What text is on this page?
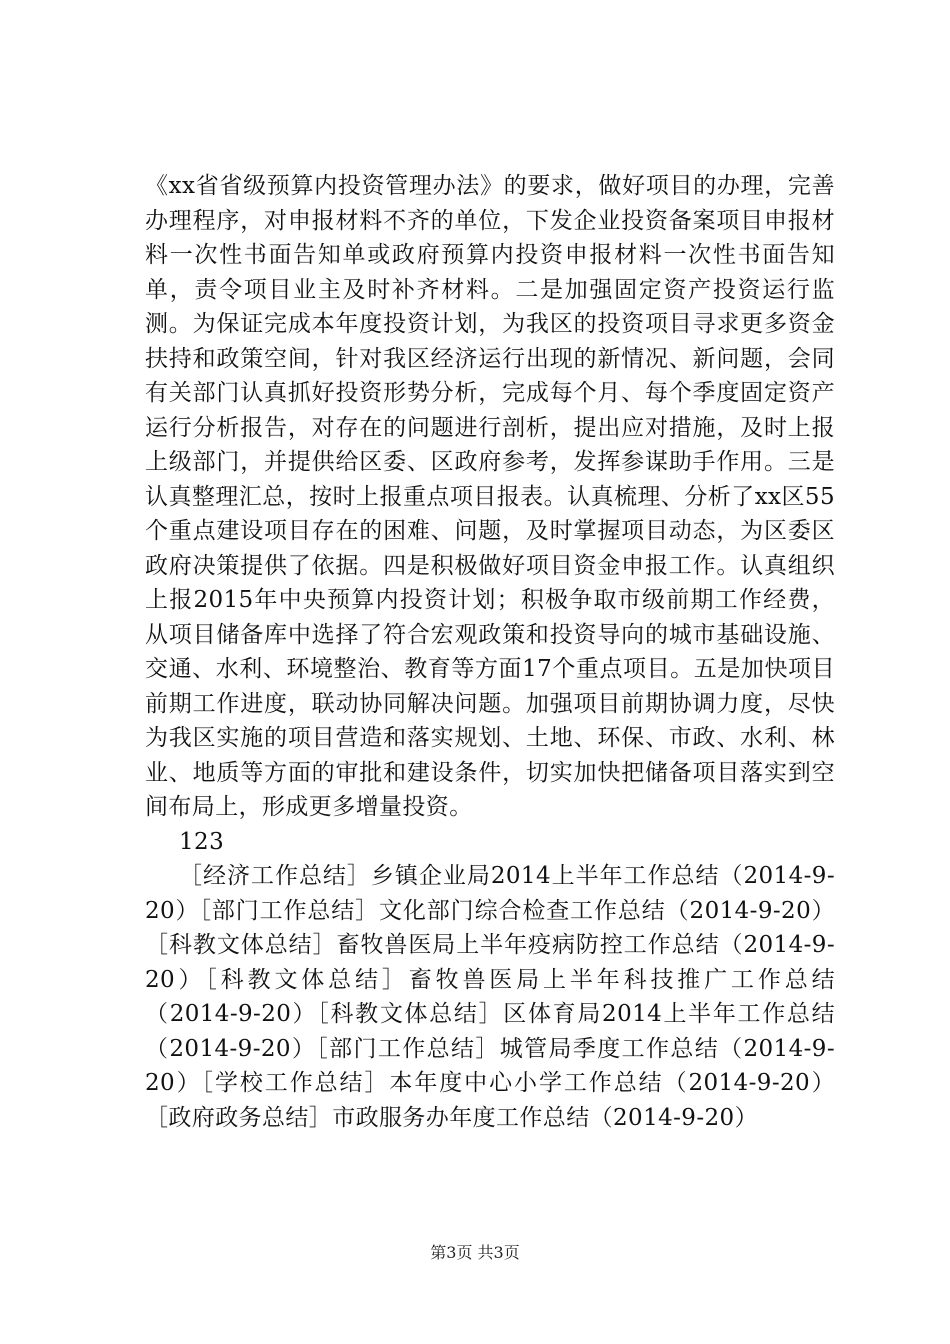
《xx省省级预算内投资管理办法》的要求，做好项目的办理，完善办理程序，对申报材料不齐的单位，下发企业投资备案项目申报材料一次性书面告知单或政府预算内投资申报材料一次性书面告知单，责令项目业主及时补齐材料。二是加强固定资产投资运行监测。为保证完成本年度投资计划，为我区的投资项目寻求更多资金扶持和政策空间，针对我区经济运行出现的新情况、新问题，会同有关部门认真抓好投资形势分析，完成每个月、每个季度固定资产运行分析报告，对存在的问题进行剖析，提出应对措施，及时上报上级部门，并提供给区委、区政府参考，发挥参谋助手作用。三是认真整理汇总，按时上报重点项目报表。认真梳理、分析了xx区55个重点建设项目存在的困难、问题，及时掌握项目动态，为区委区政府决策提供了依据。四是积极做好项目资金申报工作。认真组织上报2015年中央预算内投资计划；积极争取市级前期工作经费，从项目储备库中选择了符合宏观政策和投资导向的城市基础设施、交通、水利、环境整治、教育等方面17个重点项目。五是加快项目前期工作进度，联动协同解决问题。加强项目前期协调力度，尽快为我区实施的项目营造和落实规划、土地、环保、市政、水利、林业、地质等方面的审批和建设条件，切实加快把储备项目落实到空间布局上，形成更多增量投资。

123

［经济工作总结］乡镇企业局2014上半年工作总结（2014-9-20）［部门工作总结］文化部门综合检查工作总结（2014-9-20）［科教文体总结］畜牧兽医局上半年疫病防控工作总结（2014-9-20）［科教文体总结］畜牧兽医局上半年科技推广工作总结（2014-9-20）［科教文体总结］区体育局2014上半年工作总结（2014-9-20）［部门工作总结］城管局季度工作总结（2014-9-20）［学校工作总结］本年度中心小学工作总结（2014-9-20）［政府政务总结］市政服务办年度工作总结（2014-9-20）

第3页 共3页
